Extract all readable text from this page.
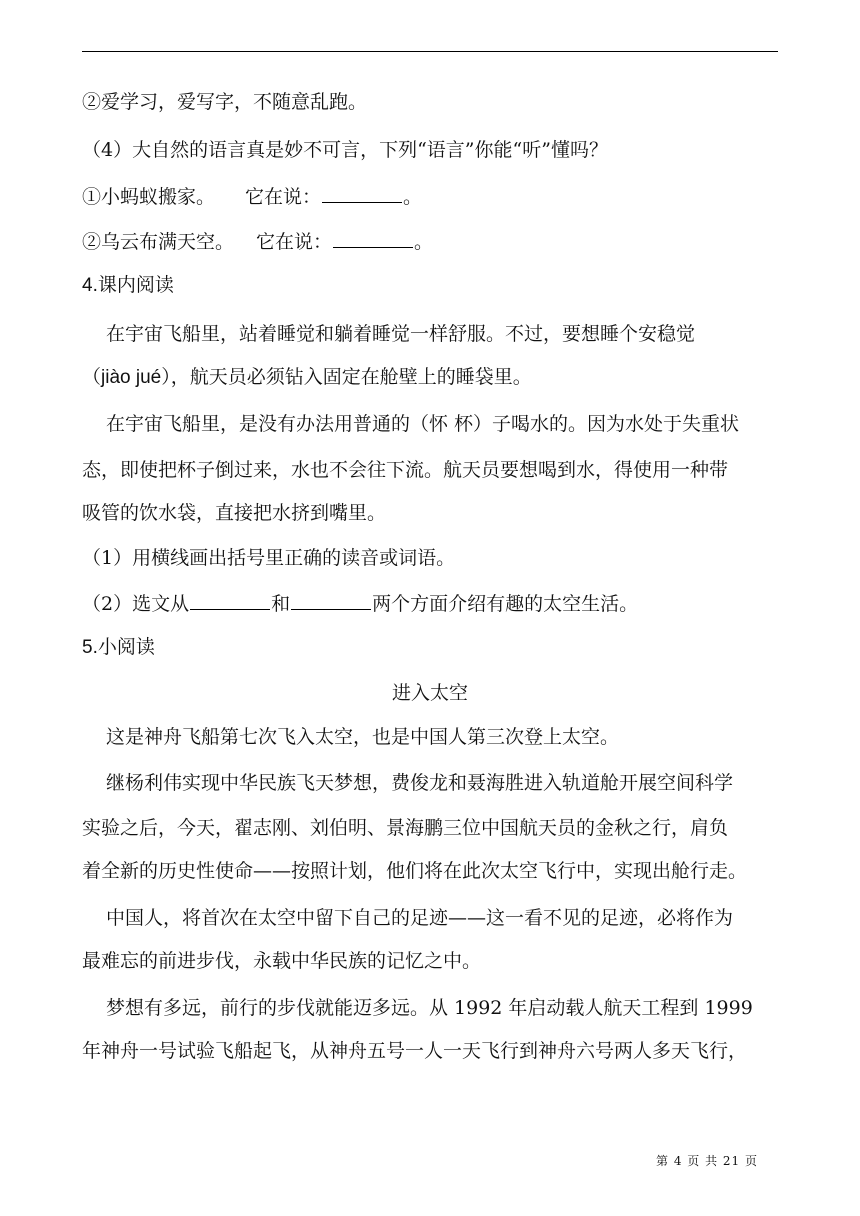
②爱学习，爱写字，不随意乱跑。
（4）大自然的语言真是妙不可言，下列“语言”你能“听”懂吗？
①小蚂蚁搬家。 它在说：	。
②乌云布满天空。 它在说：	。
4.课内阅读
在宇宙飞船里，站着睡觉和躺着睡觉一样舒服。不过，要想睡个安稳觉
（jiào jué），航天员必须钻入固定在舱壁上的睡袋里。
在宇宙飞船里，是没有办法用普通的（怀 杯）子喝水的。因为水处于失重状
态，即使把杯子倒过来，水也不会往下流。航天员要想喝到水，得使用一种带
吸管的饮水袋，直接把水挤到嘴里。
（1）用横线画出括号里正确的读音或词语。
（2）选文从	和	两个方面介绍有趣的太空生活。
5.小阅读
进入太空
这是神舟飞船第七次飞入太空，也是中国人第三次登上太空。
继杨利伟实现中华民族飞天梦想，费俊龙和聂海胜进入轨道舱开展空间科学
实验之后，今天，翟志刚、刘伯明、景海鹏三位中国航天员的金秋之行，肩负
着全新的历史性使命——按照计划，他们将在此次太空飞行中，实现出舱行走。
中国人，将首次在太空中留下自己的足迹——这一看不见的足迹，必将作为
最难忘的前进步伐，永载中华民族的记忆之中。
梦想有多远，前行的步伐就能迈多远。从 1992 年启动载人航天工程到 1999
年神舟一号试验飞船起飞，从神舟五号一人一天飞行到神舟六号两人多天飞行，
第 4 页 共 21 页
